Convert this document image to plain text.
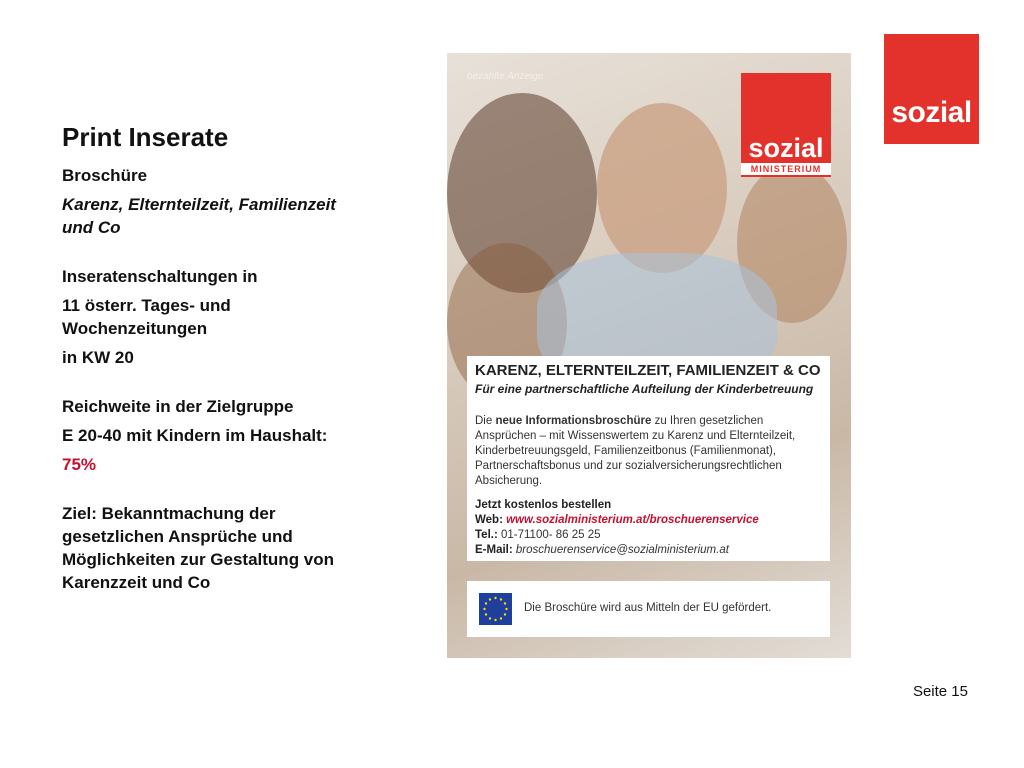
Print Inserate
Broschüre
Karenz, Elternteilzeit, Familienzeit und Co
Inseratenschaltungen in
11 österr. Tages- und Wochenzeitungen
in KW 20
Reichweite in der Zielgruppe
E 20-40 mit Kindern im Haushalt:
75%
Ziel: Bekanntmachung der gesetzlichen Ansprüche und Möglichkeiten zur Gestaltung von Karenzzeit und Co
sozial
MINISTERIUM
bezahlte Anzeige
sozial
MINISTERIUM
KARENZ, ELTERNTEILZEIT, FAMILIENZEIT & CO
Für eine partnerschaftliche Aufteilung der Kinderbetreuung
Die neue Informationsbroschüre zu Ihren gesetzlichen Ansprüchen – mit Wissenswertem zu Karenz und Elternteilzeit, Kinderbetreuungsgeld, Familienzeitbonus (Familienmonat), Partnerschaftsbonus und zur sozialversicherungsrechtlichen Absicherung.
Jetzt kostenlos bestellen
Web: www.sozialministerium.at/broschuerenservice
Tel.: 01-71100- 86 25 25
E-Mail: broschuerenservice@sozialministerium.at
Die Broschüre wird aus Mitteln der EU gefördert.
Seite 15
